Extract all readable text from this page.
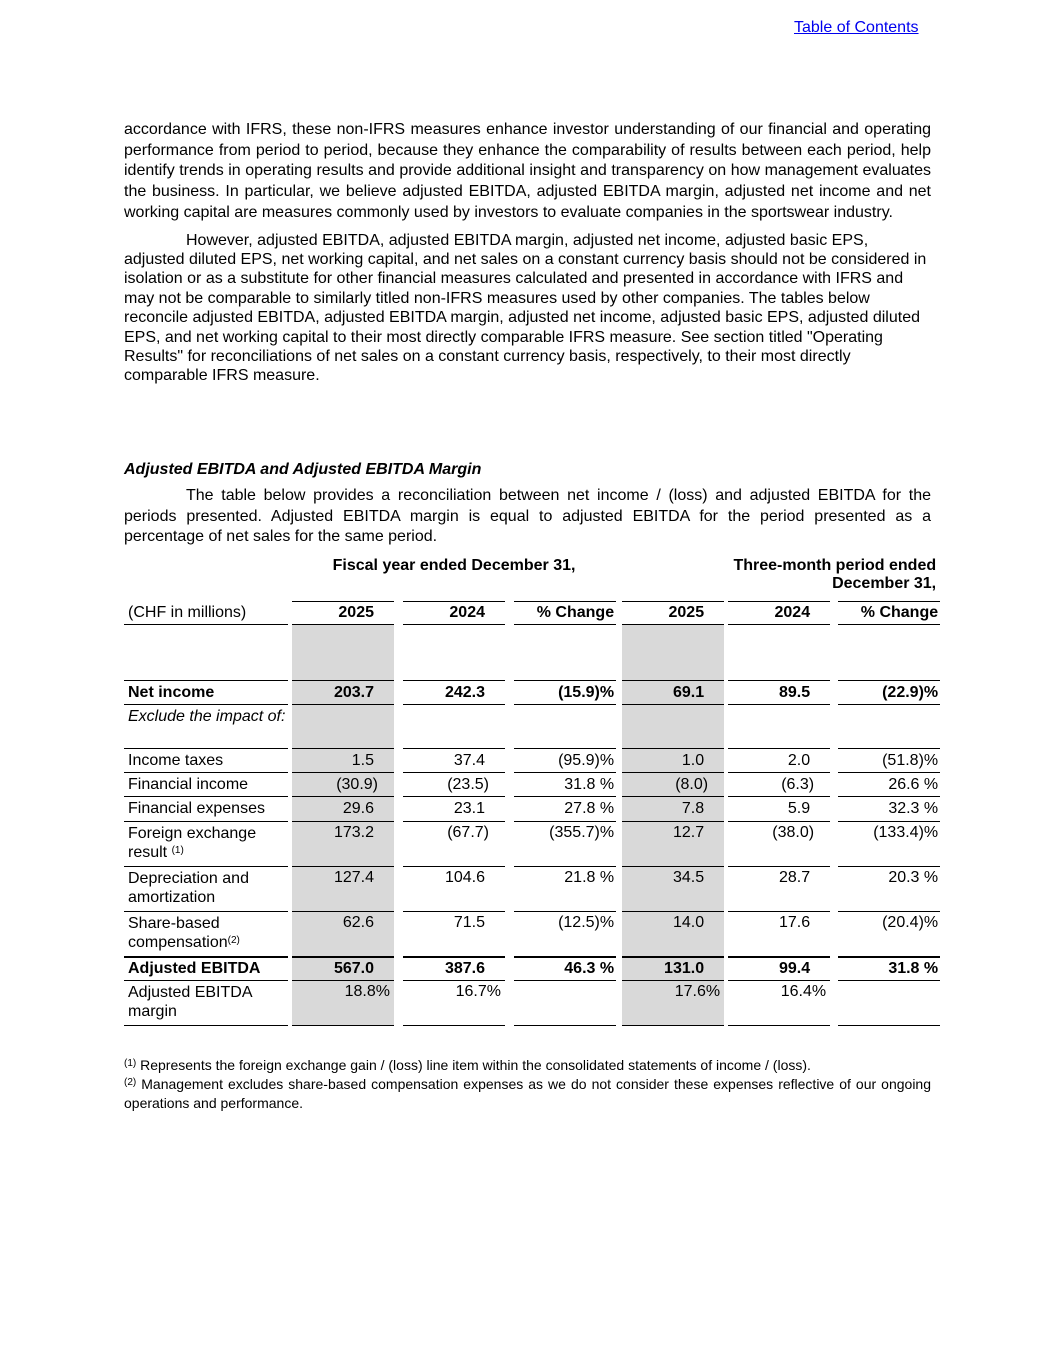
Table of Contents

accordance with IFRS, these non-IFRS measures enhance investor understanding of our financial and operating performance from period to period, because they enhance the comparability of results between each period, help identify trends in operating results and provide additional insight and transparency on how management evaluates the business. In particular, we believe adjusted EBITDA, adjusted EBITDA margin, adjusted net income and net working capital are measures commonly used by investors to evaluate companies in the sportswear industry.

However, adjusted EBITDA, adjusted EBITDA margin, adjusted net income, adjusted basic EPS, adjusted diluted EPS, net working capital, and net sales on a constant currency basis should not be considered in isolation or as a substitute for other financial measures calculated and presented in accordance with IFRS and may not be comparable to similarly titled non-IFRS measures used by other companies. The tables below reconcile adjusted EBITDA, adjusted EBITDA margin, adjusted net income, adjusted basic EPS, adjusted diluted EPS, and net working capital to their most directly comparable IFRS measure. See section titled "Operating Results" for reconciliations of net sales on a constant currency basis, respectively, to their most directly comparable IFRS measure.

Adjusted EBITDA and Adjusted EBITDA Margin

The table below provides a reconciliation between net income / (loss) and adjusted EBITDA for the periods presented. Adjusted EBITDA margin is equal to adjusted EBITDA for the period presented as a percentage of net sales for the same period.

Fiscal year ended December 31,								Three-month period ended
December 31,				

(CHF in millions)		2025		2024		% Change		2025		2024		% Change

Net income		203.7		242.3		(15.9)%		69.1		89.5		(22.9)%
Exclude the impact of:												
Income taxes		1.5		37.4		(95.9)%		1.0		2.0		(51.8)%
Financial income		(30.9)		(23.5)		31.8 %		(8.0)		(6.3)		26.6 %
Financial expenses		29.6		23.1		27.8 %		7.8		5.9		32.3 %
Foreign exchange result $^{(1)}$		173.2		(67.7)		(355.7)%		12.7		(38.0)		(133.4)%
Depreciation and amortization		127.4		104.6		21.8 %		34.5		28.7		20.3 %
Share-based compensation$^{(2)}$		62.6		71.5		(12.5)%		14.0		17.6		(20.4)%
Adjusted EBITDA		567.0		387.6		46.3 %		131.0		99.4		31.8 %
Adjusted EBITDA margin		18.8%		16.7%				17.6%		16.4%		
$^{(1)}$ Represents the foreign exchange gain / (loss) line item within the consolidated statements of income / (loss).
$^{(2)}$ Management excludes share-based compensation expenses as we do not consider these expenses reflective of our ongoing operations and performance.
